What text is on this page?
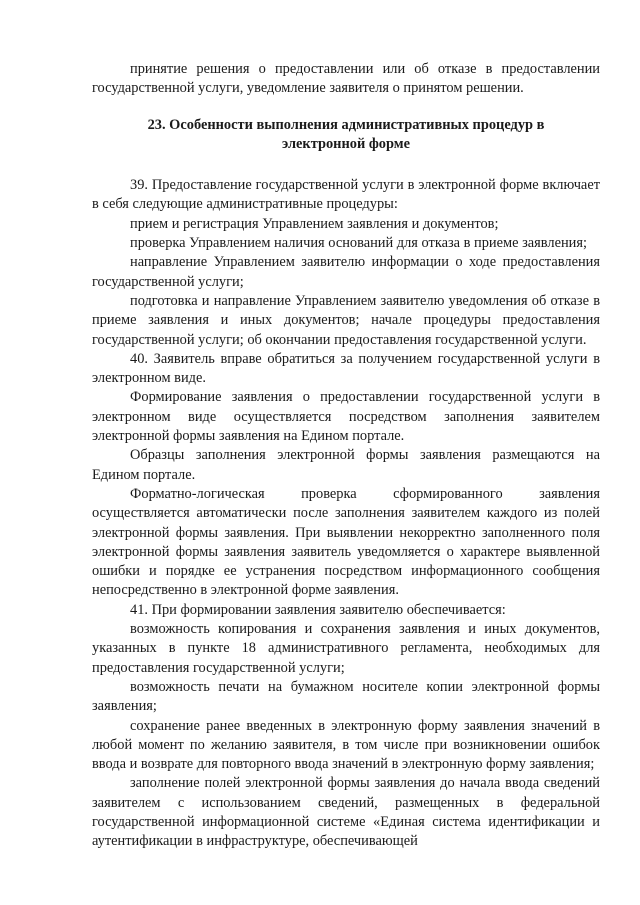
принятие решения о предоставлении или об отказе в предоставлении государственной услуги, уведомление заявителя о принятом решении.

23. Особенности выполнения административных процедур в электронной форме

39. Предоставление государственной услуги в электронной форме включает в себя следующие административные процедуры:

прием и регистрация Управлением заявления и документов;

проверка Управлением наличия оснований для отказа в приеме заявления;

направление Управлением заявителю информации о ходе предоставления государственной услуги;

подготовка и направление Управлением заявителю уведомления об отказе в приеме заявления и иных документов; начале процедуры предоставления государственной услуги; об окончании предоставления государственной услуги.

40. Заявитель вправе обратиться за получением государственной услуги в электронном виде.

Формирование заявления о предоставлении государственной услуги в электронном виде осуществляется посредством заполнения заявителем электронной формы заявления на Едином портале.

Образцы заполнения электронной формы заявления размещаются на Едином портале.

Форматно-логическая проверка сформированного заявления осуществляется автоматически после заполнения заявителем каждого из полей электронной формы заявления. При выявлении некорректно заполненного поля электронной формы заявления заявитель уведомляется о характере выявленной ошибки и порядке ее устранения посредством информационного сообщения непосредственно в электронной форме заявления.

41. При формировании заявления заявителю обеспечивается:

возможность копирования и сохранения заявления и иных документов, указанных в пункте 18 административного регламента, необходимых для предоставления государственной услуги;

возможность печати на бумажном носителе копии электронной формы заявления;

сохранение ранее введенных в электронную форму заявления значений в любой момент по желанию заявителя, в том числе при возникновении ошибок ввода и возврате для повторного ввода значений в электронную форму заявления;

заполнение полей электронной формы заявления до начала ввода сведений заявителем с использованием сведений, размещенных в федеральной государственной информационной системе «Единая система идентификации и аутентификации в инфраструктуре, обеспечивающей
